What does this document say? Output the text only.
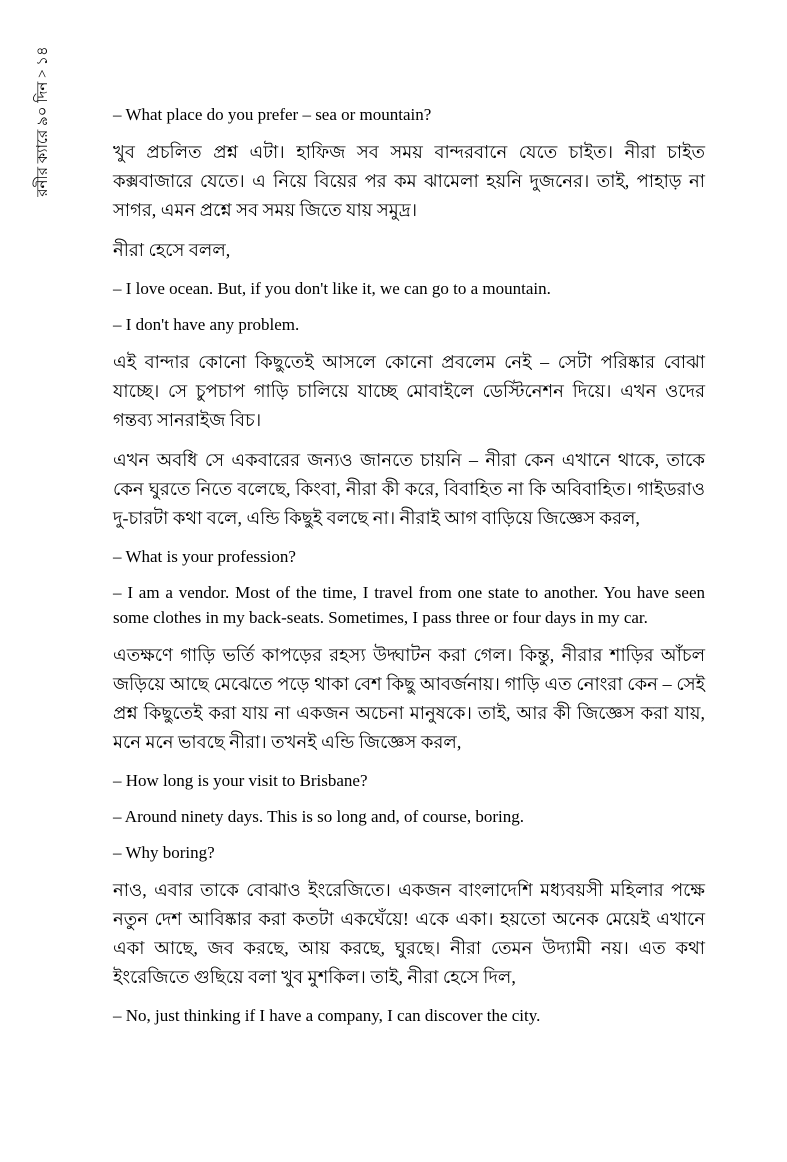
রনীর ক্যারে ৯০ দিন > ১৪	– What place do you prefer – sea or mountain?

খুব প্রচলিত প্রশ্ন এটা। হাফিজ সব সময় বান্দরবানে যেতে চাইত। নীরা চাইত কক্সবাজারে যেতে। এ নিয়ে বিয়ের পর কম ঝামেলা হয়নি দুজনের। তাই, পাহাড় না সাগর, এমন প্রশ্নে সব সময় জিতে যায় সমুদ্র।

নীরা হেসে বলল,

– I love ocean. But, if you don't like it, we can go to a mountain.

– I don't have any problem.

এই বান্দার কোনো কিছুতেই আসলে কোনো প্রবলেম নেই – সেটা পরিষ্কার বোঝা যাচ্ছে। সে চুপচাপ গাড়ি চালিয়ে যাচ্ছে মোবাইলে ডেস্টিনেশন দিয়ে। এখন ওদের গন্তব্য সানরাইজ বিচ।

এখন অবধি সে একবারের জন্যও জানতে চায়নি – নীরা কেন এখানে থাকে, তাকে কেন ঘুরতে নিতে বলেছে, কিংবা, নীরা কী করে, বিবাহিত না কি অবিবাহিত। গাইডরাও দু-চারটা কথা বলে, এন্ডি কিছুই বলছে না। নীরাই আগ বাড়িয়ে জিজ্ঞেস করল,

– What is your profession?

– I am a vendor. Most of the time, I travel from one state to another. You have seen some clothes in my back-seats. Sometimes, I pass three or four days in my car.

এতক্ষণে গাড়ি ভর্তি কাপড়ের রহস্য উদ্ঘাটন করা গেল। কিন্তু, নীরার শাড়ির আঁচল জড়িয়ে আছে মেঝেতে পড়ে থাকা বেশ কিছু আবর্জনায়। গাড়ি এত নোংরা কেন – সেই প্রশ্ন কিছুতেই করা যায় না একজন অচেনা মানুষকে। তাই, আর কী জিজ্ঞেস করা যায়, মনে মনে ভাবছে নীরা। তখনই এন্ডি জিজ্ঞেস করল,

– How long is your visit to Brisbane?

– Around ninety days. This is so long and, of course, boring.

– Why boring?

নাও, এবার তাকে বোঝাও ইংরেজিতে। একজন বাংলাদেশি মধ্যবয়সী মহিলার পক্ষে নতুন দেশ আবিষ্কার করা কতটা একঘেঁয়ে! একে একা। হয়তো অনেক মেয়েই এখানে একা আছে, জব করছে, আয় করছে, ঘুরছে। নীরা তেমন উদ্যামী নয়। এত কথা ইংরেজিতে গুছিয়ে বলা খুব মুশকিল। তাই, নীরা হেসে দিল,

– No, just thinking if I have a company, I can discover the city.
